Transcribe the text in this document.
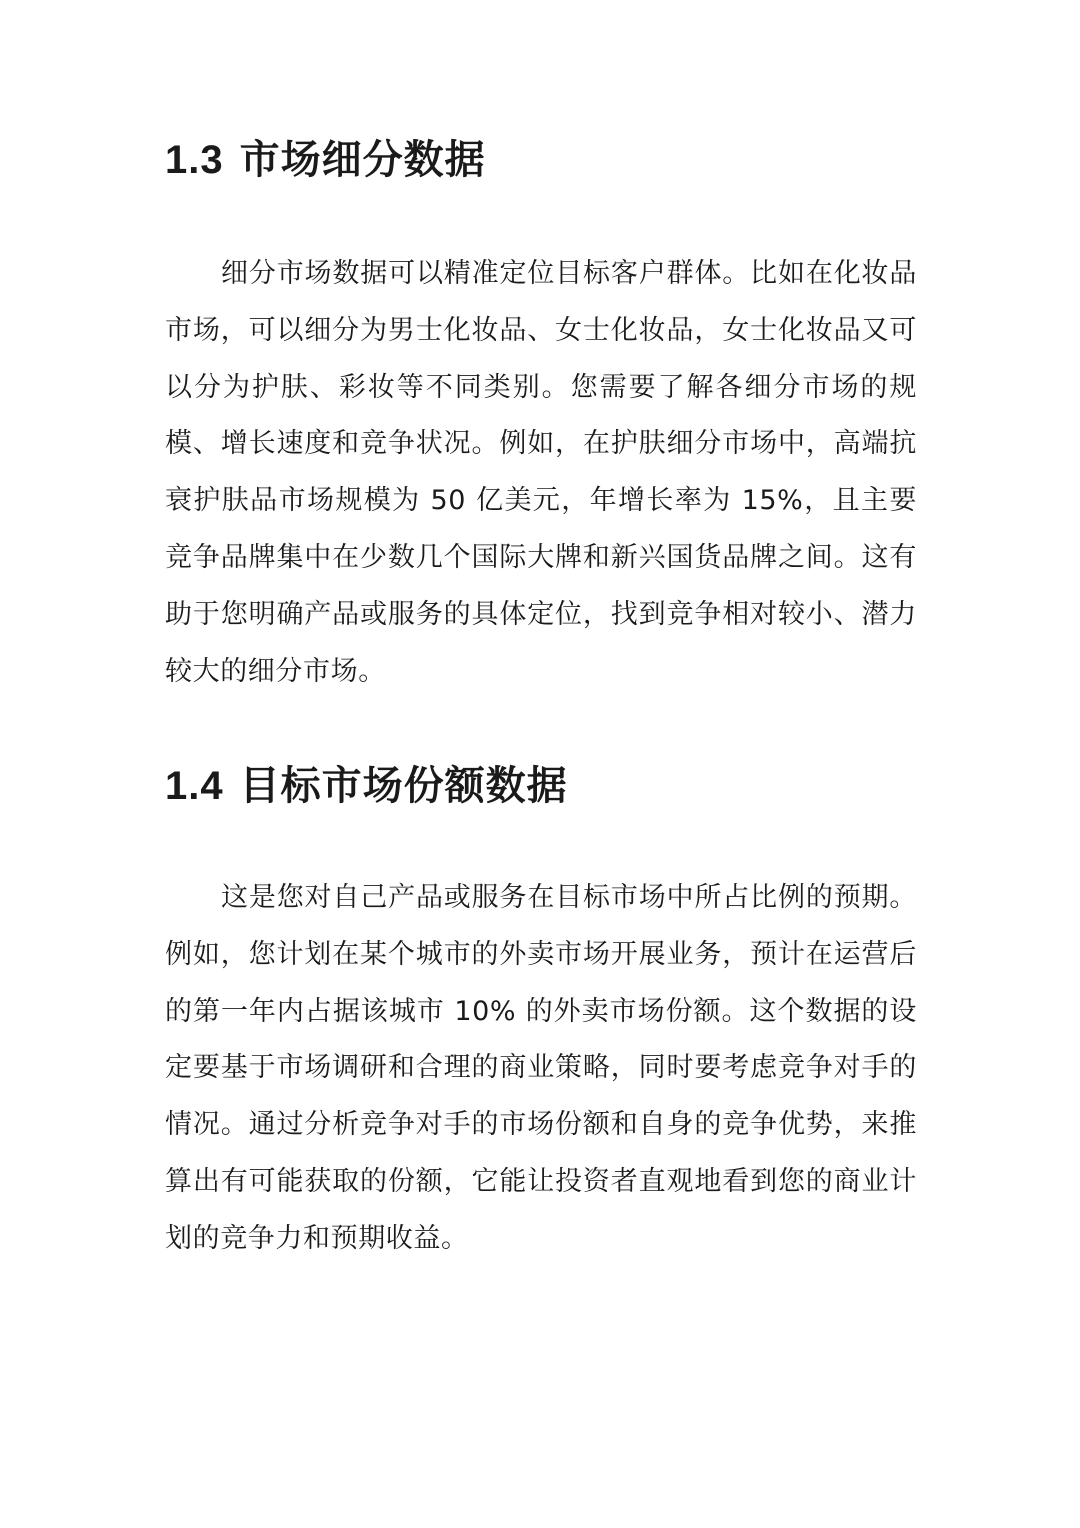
1.3 市场细分数据

细分市场数据可以精准定位目标客户群体。比如在化妆品市场，可以细分为男士化妆品、女士化妆品，女士化妆品又可以分为护肤、彩妆等不同类别。您需要了解各细分市场的规模、增长速度和竞争状况。例如，在护肤细分市场中，高端抗衰护肤品市场规模为 50 亿美元，年增长率为 15%，且主要竞争品牌集中在少数几个国际大牌和新兴国货品牌之间。这有助于您明确产品或服务的具体定位，找到竞争相对较小、潜力较大的细分市场。

1.4 目标市场份额数据

这是您对自己产品或服务在目标市场中所占比例的预期。例如，您计划在某个城市的外卖市场开展业务，预计在运营后的第一年内占据该城市 10% 的外卖市场份额。这个数据的设定要基于市场调研和合理的商业策略，同时要考虑竞争对手的情况。通过分析竞争对手的市场份额和自身的竞争优势，来推算出有可能获取的份额，它能让投资者直观地看到您的商业计划的竞争力和预期收益。
